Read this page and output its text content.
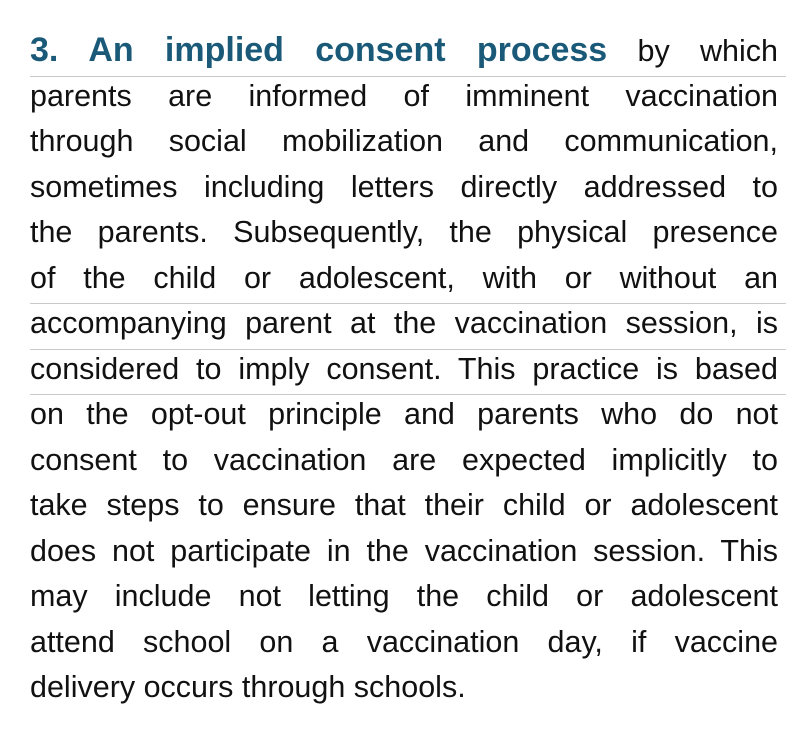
3. An implied consent process by which
parents are informed of imminent vaccination
through social mobilization and communication,
sometimes including letters directly addressed to
the parents. Subsequently, the physical presence
of the child or adolescent, with or without an
accompanying parent at the vaccination session, is
considered to imply consent. This practice is based
on the opt-out principle and parents who do not
consent to vaccination are expected implicitly to
take steps to ensure that their child or adolescent
does not participate in the vaccination session. This
may include not letting the child or adolescent
attend school on a vaccination day, if vaccine
delivery occurs through schools.
